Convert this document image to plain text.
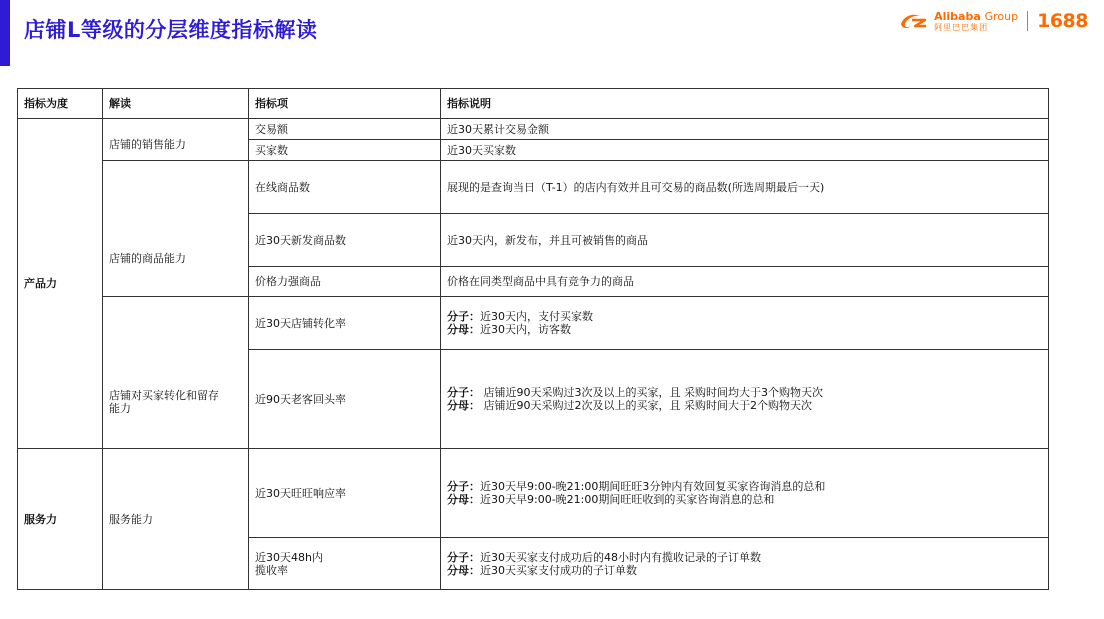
店铺L等级的分层维度指标解读
Alibaba Group
阿里巴巴集团	1688
指标为度	解读	指标项	指标说明
产品力	店铺的销售能力	交易额	近30天累计交易金额
		买家数	近30天买家数

	店铺的商品能力	在线商品数	展现的是查询当日（T-1）的店内有效并且可交易的商品数(所选周期最后一天)
		近30天新发商品数	近30天内，新发布，并且可被销售的商品
		价格力强商品	价格在同类型商品中具有竞争力的商品

	店铺对买家转化和留存
能力	近30天店铺转化率	分子：近30天内，支付买家数
分母：近30天内，访客数

		近90天老客回头率	分子： 店铺近90天采购过3次及以上的买家，且 采购时间均大于3个购物天次
分母： 店铺近90天采购过2次及以上的买家，且 采购时间大于2个购物天次

服务力	服务能力	近30天旺旺响应率	分子：近30天早9:00-晚21:00期间旺旺3分钟内有效回复买家咨询消息的总和
分母：近30天早9:00-晚21:00期间旺旺收到的买家咨询消息的总和

		近30天48h内
揽收率	分子：近30天买家支付成功后的48小时内有揽收记录的子订单数
分母：近30天买家支付成功的子订单数
